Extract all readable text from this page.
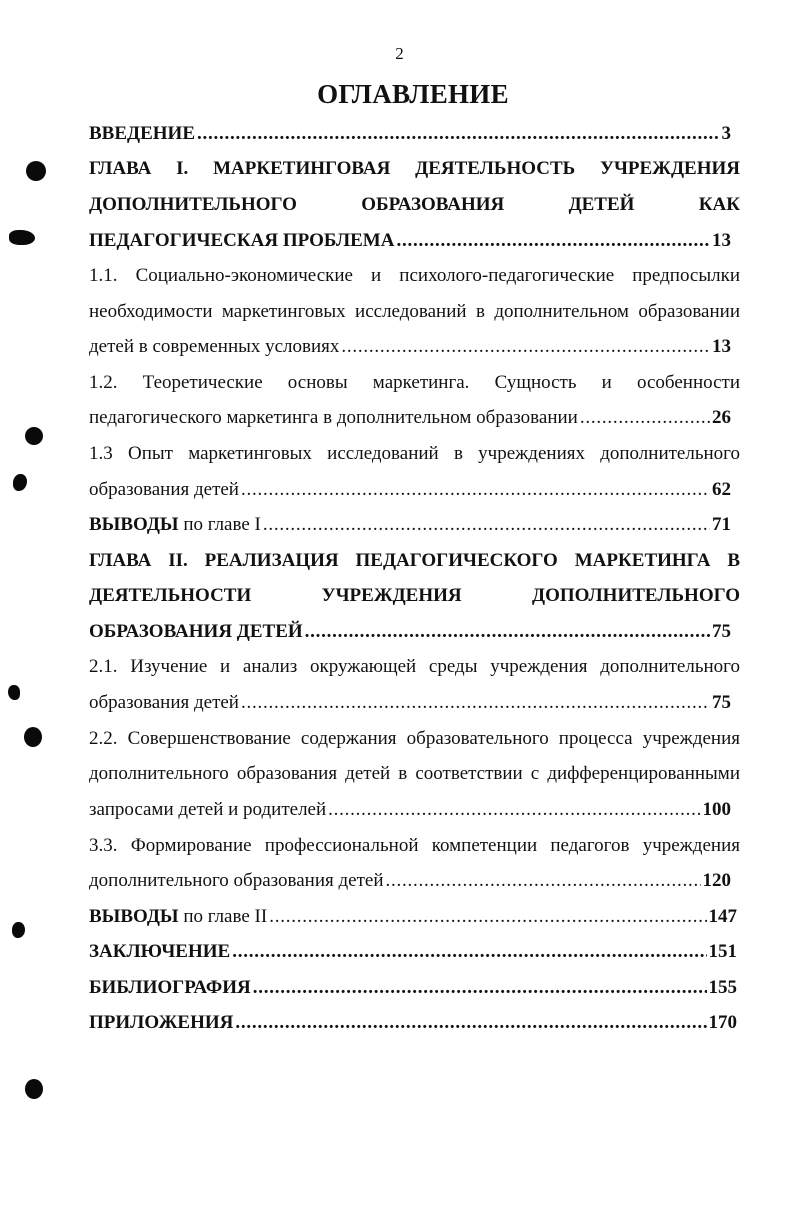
2
ОГЛАВЛЕНИЕ
ВВЕДЕНИЕ . . .	3
ГЛАВА I. МАРКЕТИНГОВАЯ ДЕЯТЕЛЬНОСТЬ УЧРЕЖДЕНИЯ
ДОПОЛНИТЕЛЬНОГО ОБРАЗОВАНИЯ ДЕТЕЙ КАК
ПЕДАГОГИЧЕСКАЯ ПРОБЛЕМА . . .	13
1.1. Социально-экономические и психолого-педагогические предпосылки
необходимости маркетинговых исследований в дополнительном образовании
детей в современных условиях . . .	13
1.2. Теоретические основы маркетинга. Сущность и особенности
педагогического маркетинга в дополнительном образовании . . .	26
1.3 Опыт маркетинговых исследований в учреждениях дополнительного
образования детей . . .	62
ВЫВОДЫ по главе I . . .	71
ГЛАВА II. РЕАЛИЗАЦИЯ ПЕДАГОГИЧЕСКОГО МАРКЕТИНГА В
ДЕЯТЕЛЬНОСТИ УЧРЕЖДЕНИЯ ДОПОЛНИТЕЛЬНОГО
ОБРАЗОВАНИЯ ДЕТЕЙ . . .	75
2.1. Изучение и анализ окружающей среды учреждения дополнительного
образования детей . . .	75
2.2. Совершенствование содержания образовательного процесса учреждения
дополнительного образования детей в соответствии с дифференцированными
запросами детей и родителей . . .	100
3.3. Формирование профессиональной компетенции педагогов учреждения
дополнительного образования детей . . .	120
ВЫВОДЫ по главе II . . .	147
ЗАКЛЮЧЕНИЕ . . .	151
БИБЛИОГРАФИЯ . . .	155
ПРИЛОЖЕНИЯ . . .	170
